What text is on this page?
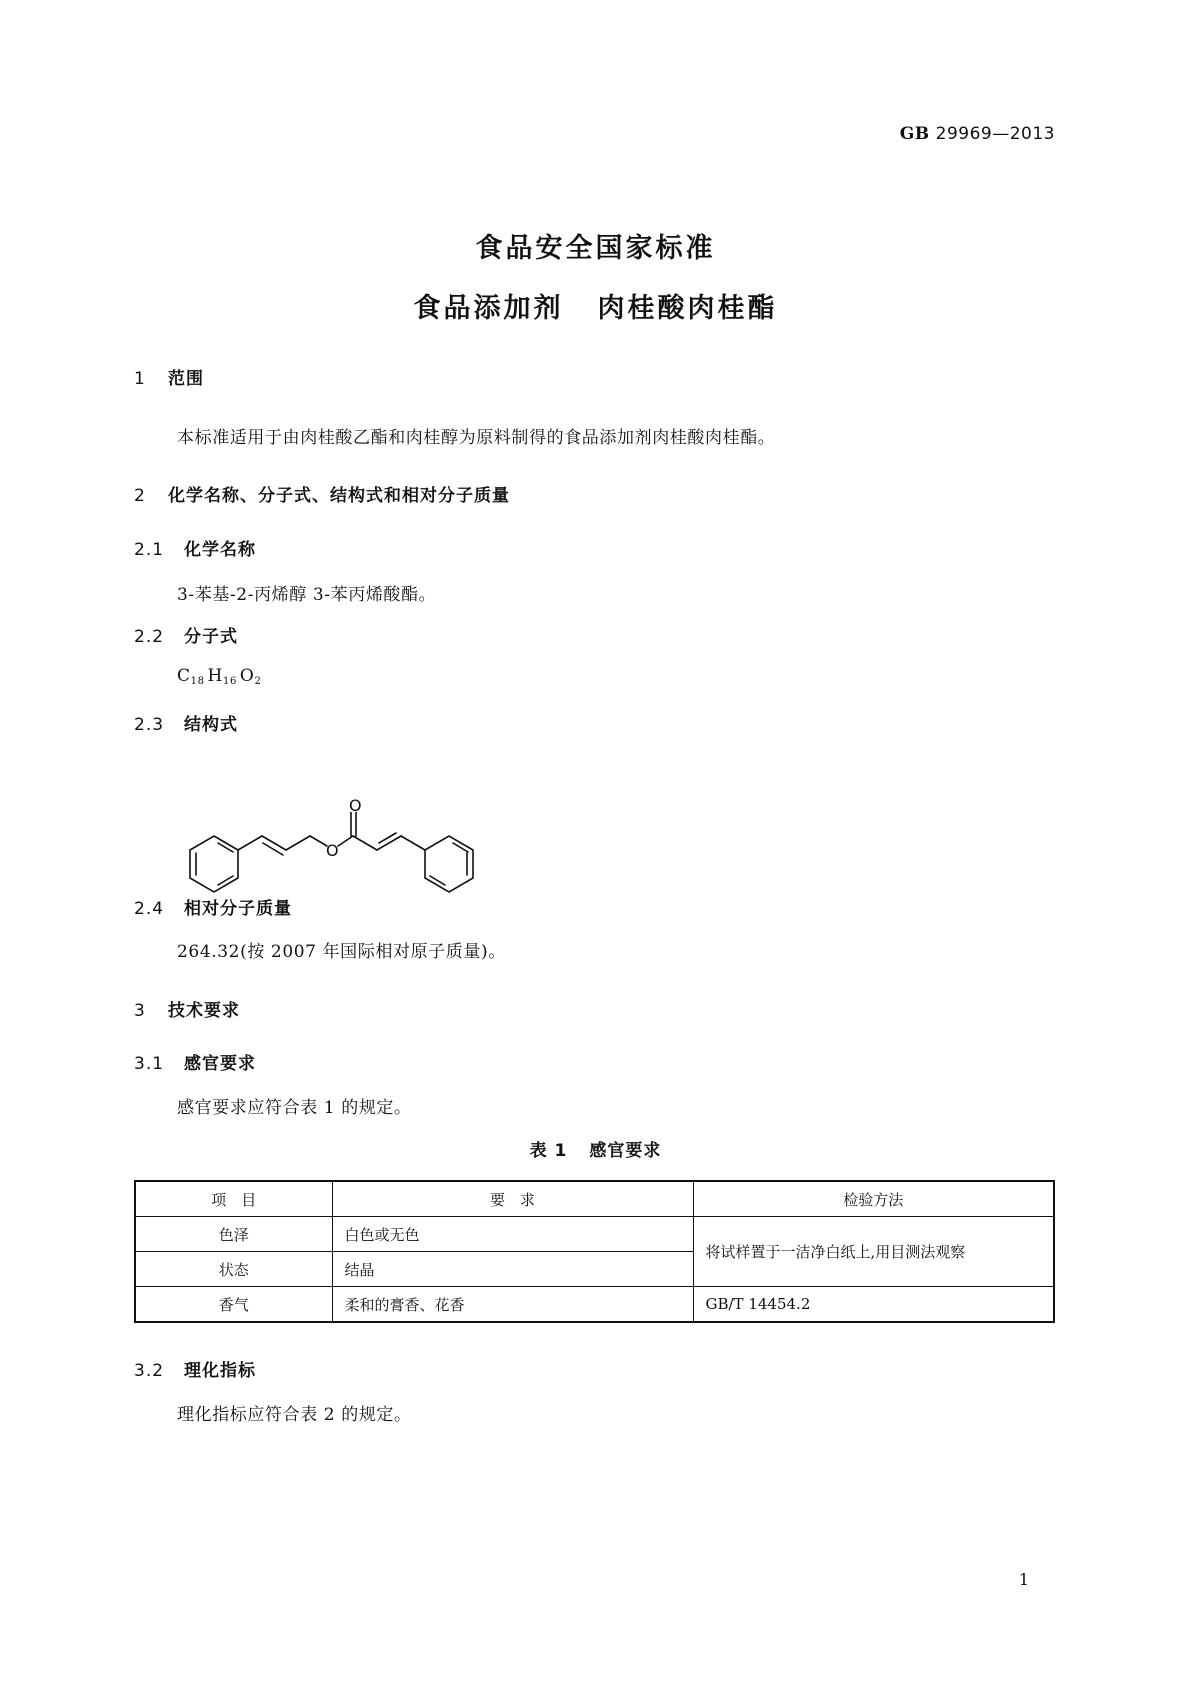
GB 29969—2013
食品安全国家标准
食品添加剂 肉桂酸肉桂酯
1 范围
本标准适用于由肉桂酸乙酯和肉桂醇为原料制得的食品添加剂肉桂酸肉桂酯。
2 化学名称、分子式、结构式和相对分子质量
2.1 化学名称
3-苯基-2-丙烯醇 3-苯丙烯酸酯。
2.2 分子式
$C_{18}$ $H_{16}$ $O_2$
2.3 结构式
O
O
2.4 相对分子质量
264.32(按 2007 年国际相对原子质量)。
3 技术要求
3.1 感官要求
感官要求应符合表 1 的规定。
表 1 感官要求
项　目	要　求	检验方法
色泽	白色或无色	将试样置于一洁净白纸上,用目测法观察
状态	结晶	
香气	柔和的膏香、花香	GB/T 14454.2
3.2 理化指标
理化指标应符合表 2 的规定。
1
